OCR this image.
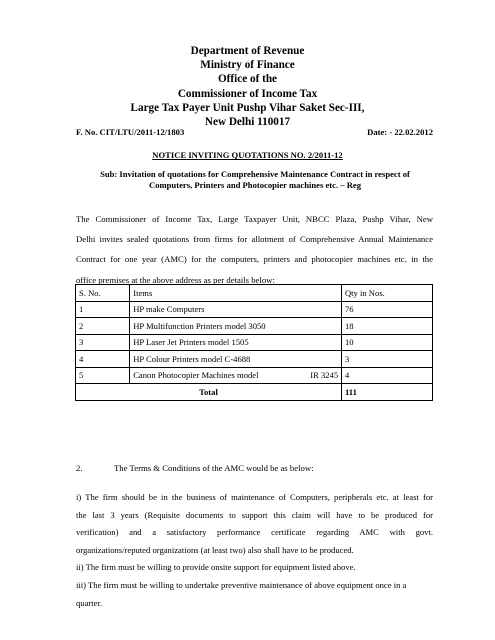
Department of Revenue
Ministry of Finance
Office of the
Commissioner of Income Tax
Large Tax Payer Unit Pushp Vihar Saket Sec-III,
New Delhi 110017
F. No. CIT/LTU/2011-12/1803	Date: - 22.02.2012
NOTICE INVITING QUOTATIONS NO. 2/2011-12
Sub: Invitation of quotations for Comprehensive Maintenance Contract in respect of
Computers, Printers and Photocopier machines etc. – Reg
The Commissioner of Income Tax, Large Taxpayer Unit, NBCC Plaza, Pushp Vihar, New
Delhi invites sealed quotations from firms for allotment of Comprehensive Annual Maintenance
Contract for one year (AMC) for the computers, printers and photocopier machines etc. in the
office premises at the above address as per details below:
S. No.	Items	Qty in Nos.
1	HP make Computers	76
2	HP Multifunction Printers model 3050	18
3	HP Laser Jet Printers model 1505	10
4	HP Colour Printers model C-4688	3
5	Canon Photocopier Machines model IR 3245	4
Total		111
2.	The Terms & Conditions of the AMC would be as below:
i) The firm should be in the business of maintenance of Computers, peripherals etc. at least for
the last 3 years (Requisite documents to support this claim will have to be produced for
verification) and a satisfactory performance certificate regarding AMC with govt.
organizations/reputed organizations (at least two) also shall have to be produced.
ii) The firm must be willing to provide onsite support for equipment listed above.
iii) The firm must be willing to undertake preventive maintenance of above equipment once in a
quarter.
